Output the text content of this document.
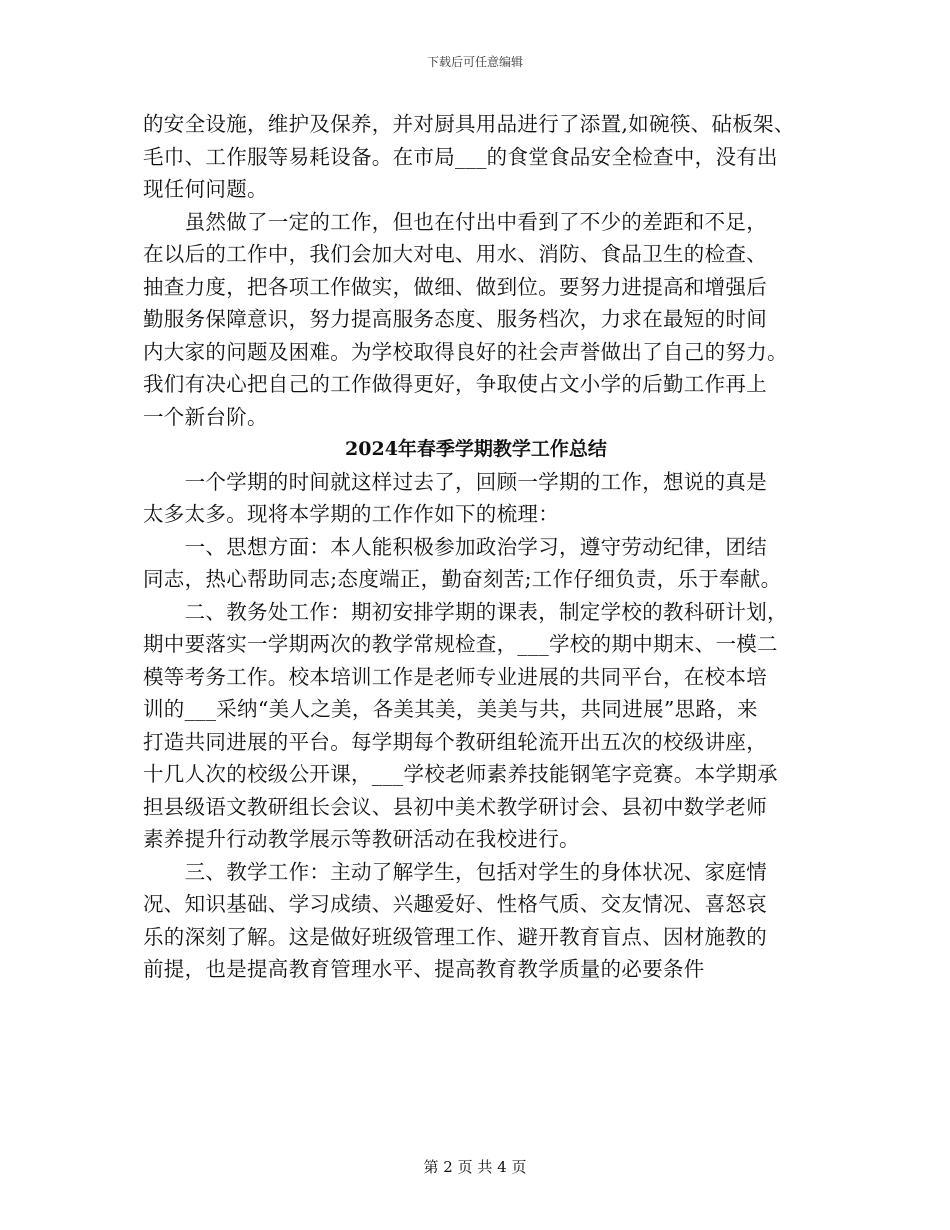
下载后可任意编辑
的安全设施，维护及保养，并对厨具用品进行了添置,如碗筷、砧板架、
毛巾、工作服等易耗设备。在市局___的食堂食品安全检查中，没有出
现任何问题。
　　虽然做了一定的工作，但也在付出中看到了不少的差距和不足，
在以后的工作中，我们会加大对电、用水、消防、食品卫生的检查、
抽查力度，把各项工作做实，做细、做到位。要努力进提高和增强后
勤服务保障意识，努力提高服务态度、服务档次，力求在最短的时间
内大家的问题及困难。为学校取得良好的社会声誉做出了自己的努力。
我们有决心把自己的工作做得更好，争取使占文小学的后勤工作再上
一个新台阶。
2024年春季学期教学工作总结
　　一个学期的时间就这样过去了，回顾一学期的工作，想说的真是
太多太多。现将本学期的工作作如下的梳理：
　　一、思想方面：本人能积极参加政治学习，遵守劳动纪律，团结
同志，热心帮助同志;态度端正，勤奋刻苦;工作仔细负责，乐于奉献。
　　二、教务处工作：期初安排学期的课表，制定学校的教科研计划，
期中要落实一学期两次的教学常规检查，___学校的期中期末、一模二
模等考务工作。校本培训工作是老师专业进展的共同平台，在校本培
训的___采纳“美人之美，各美其美，美美与共，共同进展”思路，来
打造共同进展的平台。每学期每个教研组轮流开出五次的校级讲座，
十几人次的校级公开课，___学校老师素养技能钢笔字竞赛。本学期承
担县级语文教研组长会议、县初中美术教学研讨会、县初中数学老师
素养提升行动教学展示等教研活动在我校进行。
　　三、教学工作：主动了解学生，包括对学生的身体状况、家庭情
况、知识基础、学习成绩、兴趣爱好、性格气质、交友情况、喜怒哀
乐的深刻了解。这是做好班级管理工作、避开教育盲点、因材施教的
前提，也是提高教育管理水平、提高教育教学质量的必要条件
第 2 页 共 4 页
